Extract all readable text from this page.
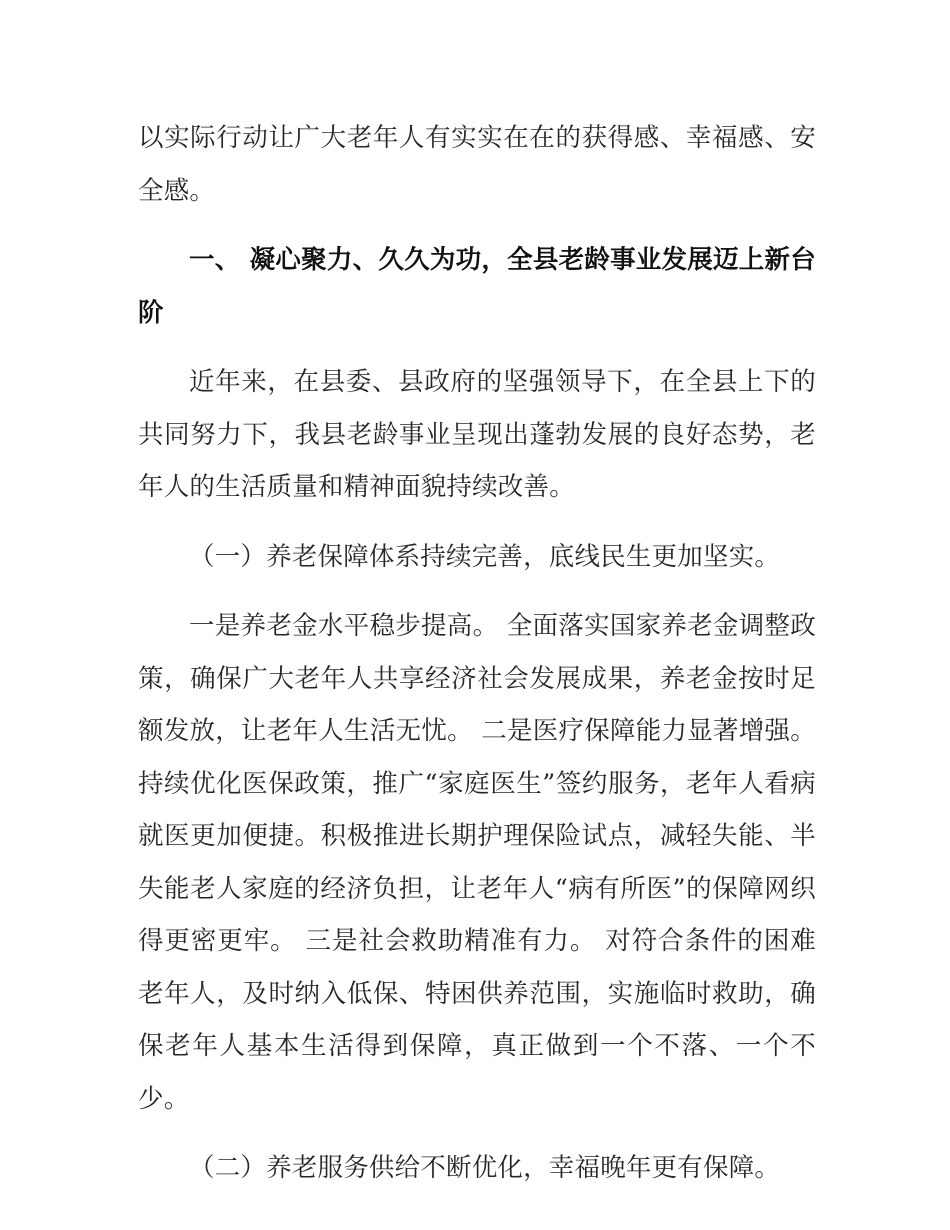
以实际行动让广大老年人有实实在在的获得感、幸福感、安全感。

一、 凝心聚力、久久为功，全县老龄事业发展迈上新台阶

近年来，在县委、县政府的坚强领导下，在全县上下的共同努力下，我县老龄事业呈现出蓬勃发展的良好态势，老年人的生活质量和精神面貌持续改善。

（一）养老保障体系持续完善，底线民生更加坚实。

一是养老金水平稳步提高。 全面落实国家养老金调整政策，确保广大老年人共享经济社会发展成果，养老金按时足额发放，让老年人生活无忧。 二是医疗保障能力显著增强。 持续优化医保政策，推广“家庭医生”签约服务，老年人看病就医更加便捷。积极推进长期护理保险试点，减轻失能、半失能老人家庭的经济负担，让老年人“病有所医”的保障网织得更密更牢。 三是社会救助精准有力。 对符合条件的困难老年人，及时纳入低保、特困供养范围，实施临时救助，确保老年人基本生活得到保障，真正做到一个不落、一个不少。

（二）养老服务供给不断优化，幸福晚年更有保障。
